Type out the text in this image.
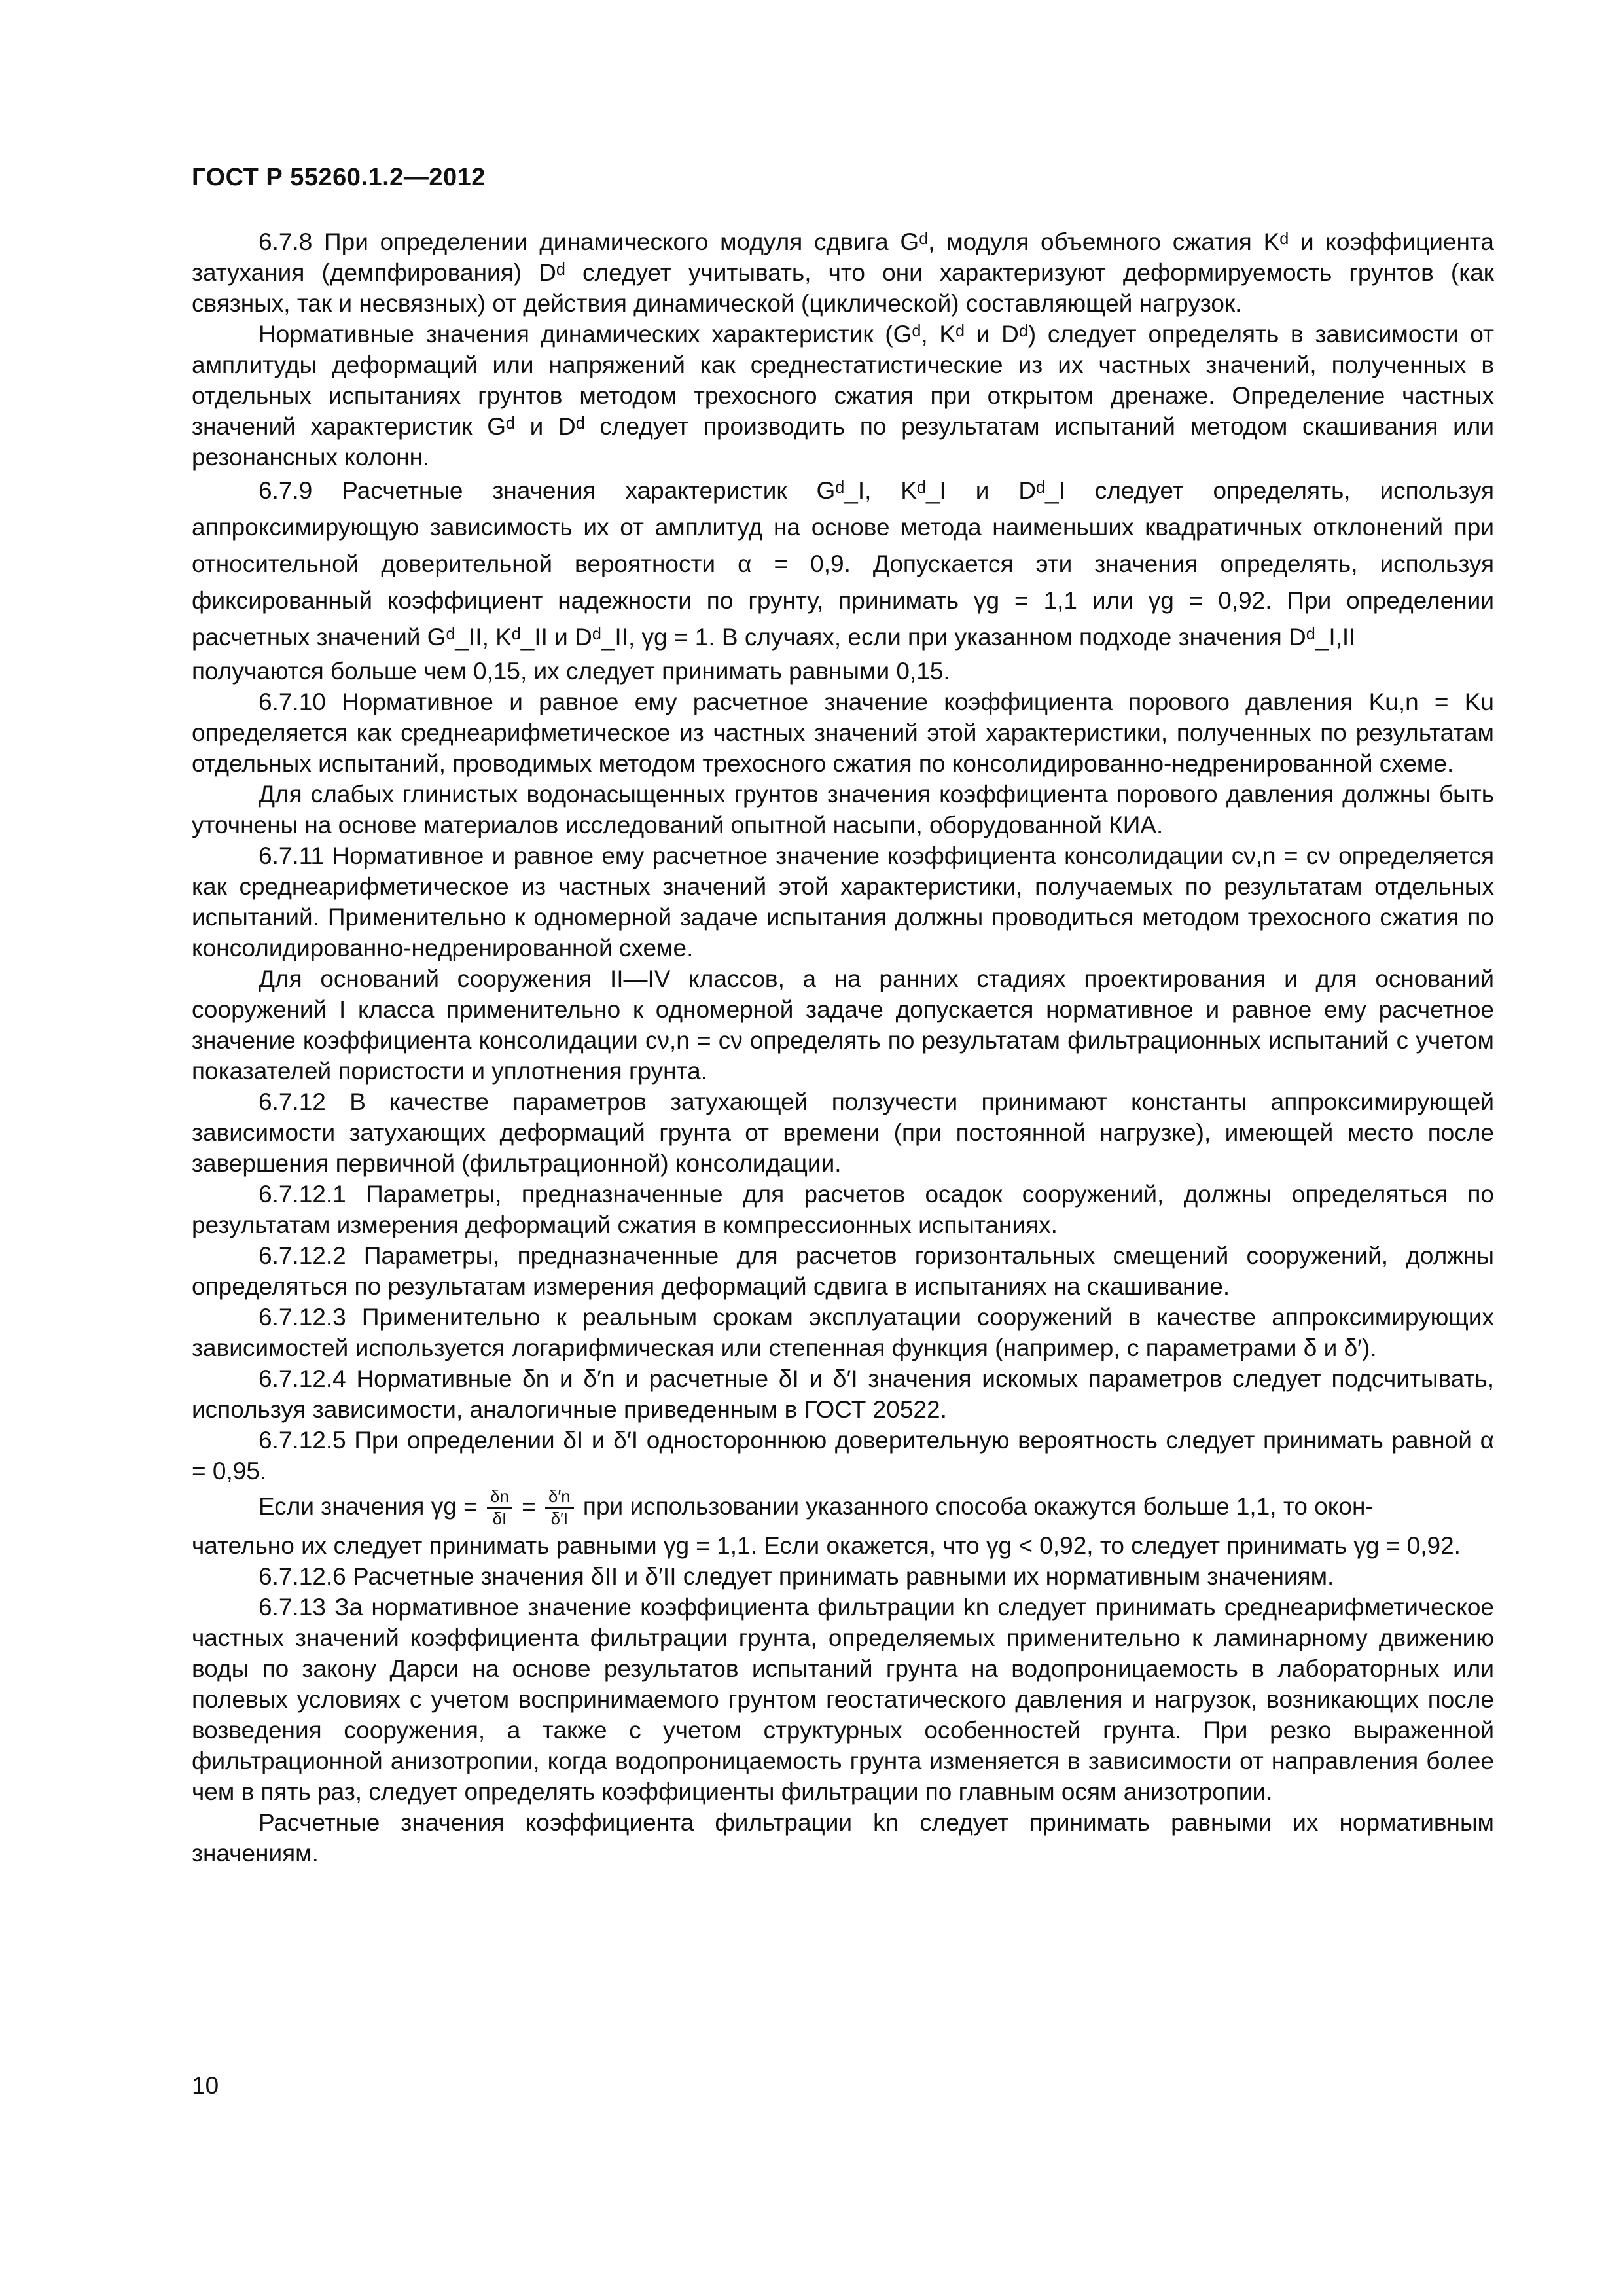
ГОСТ Р 55260.1.2—2012

6.7.8 При определении динамического модуля сдвига Gᵈ, модуля объемного сжатия Kᵈ и коэффициента затухания (демпфирования) Dᵈ следует учитывать, что они характеризуют деформируемость грунтов (как связных, так и несвязных) от действия динамической (циклической) составляющей нагрузок.

Нормативные значения динамических характеристик (Gᵈ, Kᵈ и Dᵈ) следует определять в зависимости от амплитуды деформаций или напряжений как среднестатистические из их частных значений, полученных в отдельных испытаниях грунтов методом трехосного сжатия при открытом дренаже. Определение частных значений характеристик Gᵈ и Dᵈ следует производить по результатам испытаний методом скашивания или резонансных колонн.

6.7.9 Расчетные значения характеристик Gᵈ_I, Kᵈ_I и Dᵈ_I следует определять, используя аппроксимирующую зависимость их от амплитуд на основе метода наименьших квадратичных отклонений при относительной доверительной вероятности α = 0,9. Допускается эти значения определять, используя фиксированный коэффициент надежности по грунту, принимать γg = 1,1 или γg = 0,92. При определении расчетных значений Gᵈ_II, Kᵈ_II и Dᵈ_II, γg = 1. В случаях, если при указанном подходе значения Dᵈ_I,II

получаются больше чем 0,15, их следует принимать равными 0,15.

6.7.10 Нормативное и равное ему расчетное значение коэффициента порового давления Ku,n = Ku определяется как среднеарифметическое из частных значений этой характеристики, полученных по результатам отдельных испытаний, проводимых методом трехосного сжатия по консолидированно-недренированной схеме.

Для слабых глинистых водонасыщенных грунтов значения коэффициента порового давления должны быть уточнены на основе материалов исследований опытной насыпи, оборудованной КИА.

6.7.11 Нормативное и равное ему расчетное значение коэффициента консолидации cν,n = cν определяется как среднеарифметическое из частных значений этой характеристики, получаемых по результатам отдельных испытаний. Применительно к одномерной задаче испытания должны проводиться методом трехосного сжатия по консолидированно-недренированной схеме.

Для оснований сооружения II—IV классов, а на ранних стадиях проектирования и для оснований сооружений I класса применительно к одномерной задаче допускается нормативное и равное ему расчетное значение коэффициента консолидации cν,n = cν определять по результатам фильтрационных испытаний с учетом показателей пористости и уплотнения грунта.

6.7.12 В качестве параметров затухающей ползучести принимают константы аппроксимирующей зависимости затухающих деформаций грунта от времени (при постоянной нагрузке), имеющей место после завершения первичной (фильтрационной) консолидации.

6.7.12.1 Параметры, предназначенные для расчетов осадок сооружений, должны определяться по результатам измерения деформаций сжатия в компрессионных испытаниях.

6.7.12.2 Параметры, предназначенные для расчетов горизонтальных смещений сооружений, должны определяться по результатам измерения деформаций сдвига в испытаниях на скашивание.

6.7.12.3 Применительно к реальным срокам эксплуатации сооружений в качестве аппроксимирующих зависимостей используется логарифмическая или степенная функция (например, с параметрами δ и δ′).

6.7.12.4 Нормативные δn и δ′n и расчетные δI и δ′I значения искомых параметров следует подсчитывать, используя зависимости, аналогичные приведенным в ГОСТ 20522.

6.7.12.5 При определении δI и δ′I одностороннюю доверительную вероятность следует принимать равной α = 0,95.

Если значения $\gamma g = \frac{\delta n}{\delta I} = \frac{\delta'n}{\delta'I}$ при использовании указанного способа окажутся больше 1,1, то окон-

чательно их следует принимать равными γg = 1,1. Если окажется, что γg < 0,92, то следует принимать γg = 0,92.

6.7.12.6 Расчетные значения δII и δ′II следует принимать равными их нормативным значениям.

6.7.13 За нормативное значение коэффициента фильтрации kn следует принимать среднеарифметическое частных значений коэффициента фильтрации грунта, определяемых применительно к ламинарному движению воды по закону Дарси на основе результатов испытаний грунта на водопроницаемость в лабораторных или полевых условиях с учетом воспринимаемого грунтом геостатического давления и нагрузок, возникающих после возведения сооружения, а также с учетом структурных особенностей грунта. При резко выраженной фильтрационной анизотропии, когда водопроницаемость грунта изменяется в зависимости от направления более чем в пять раз, следует определять коэффициенты фильтрации по главным осям анизотропии.

Расчетные значения коэффициента фильтрации kn следует принимать равными их нормативным значениям.

10
